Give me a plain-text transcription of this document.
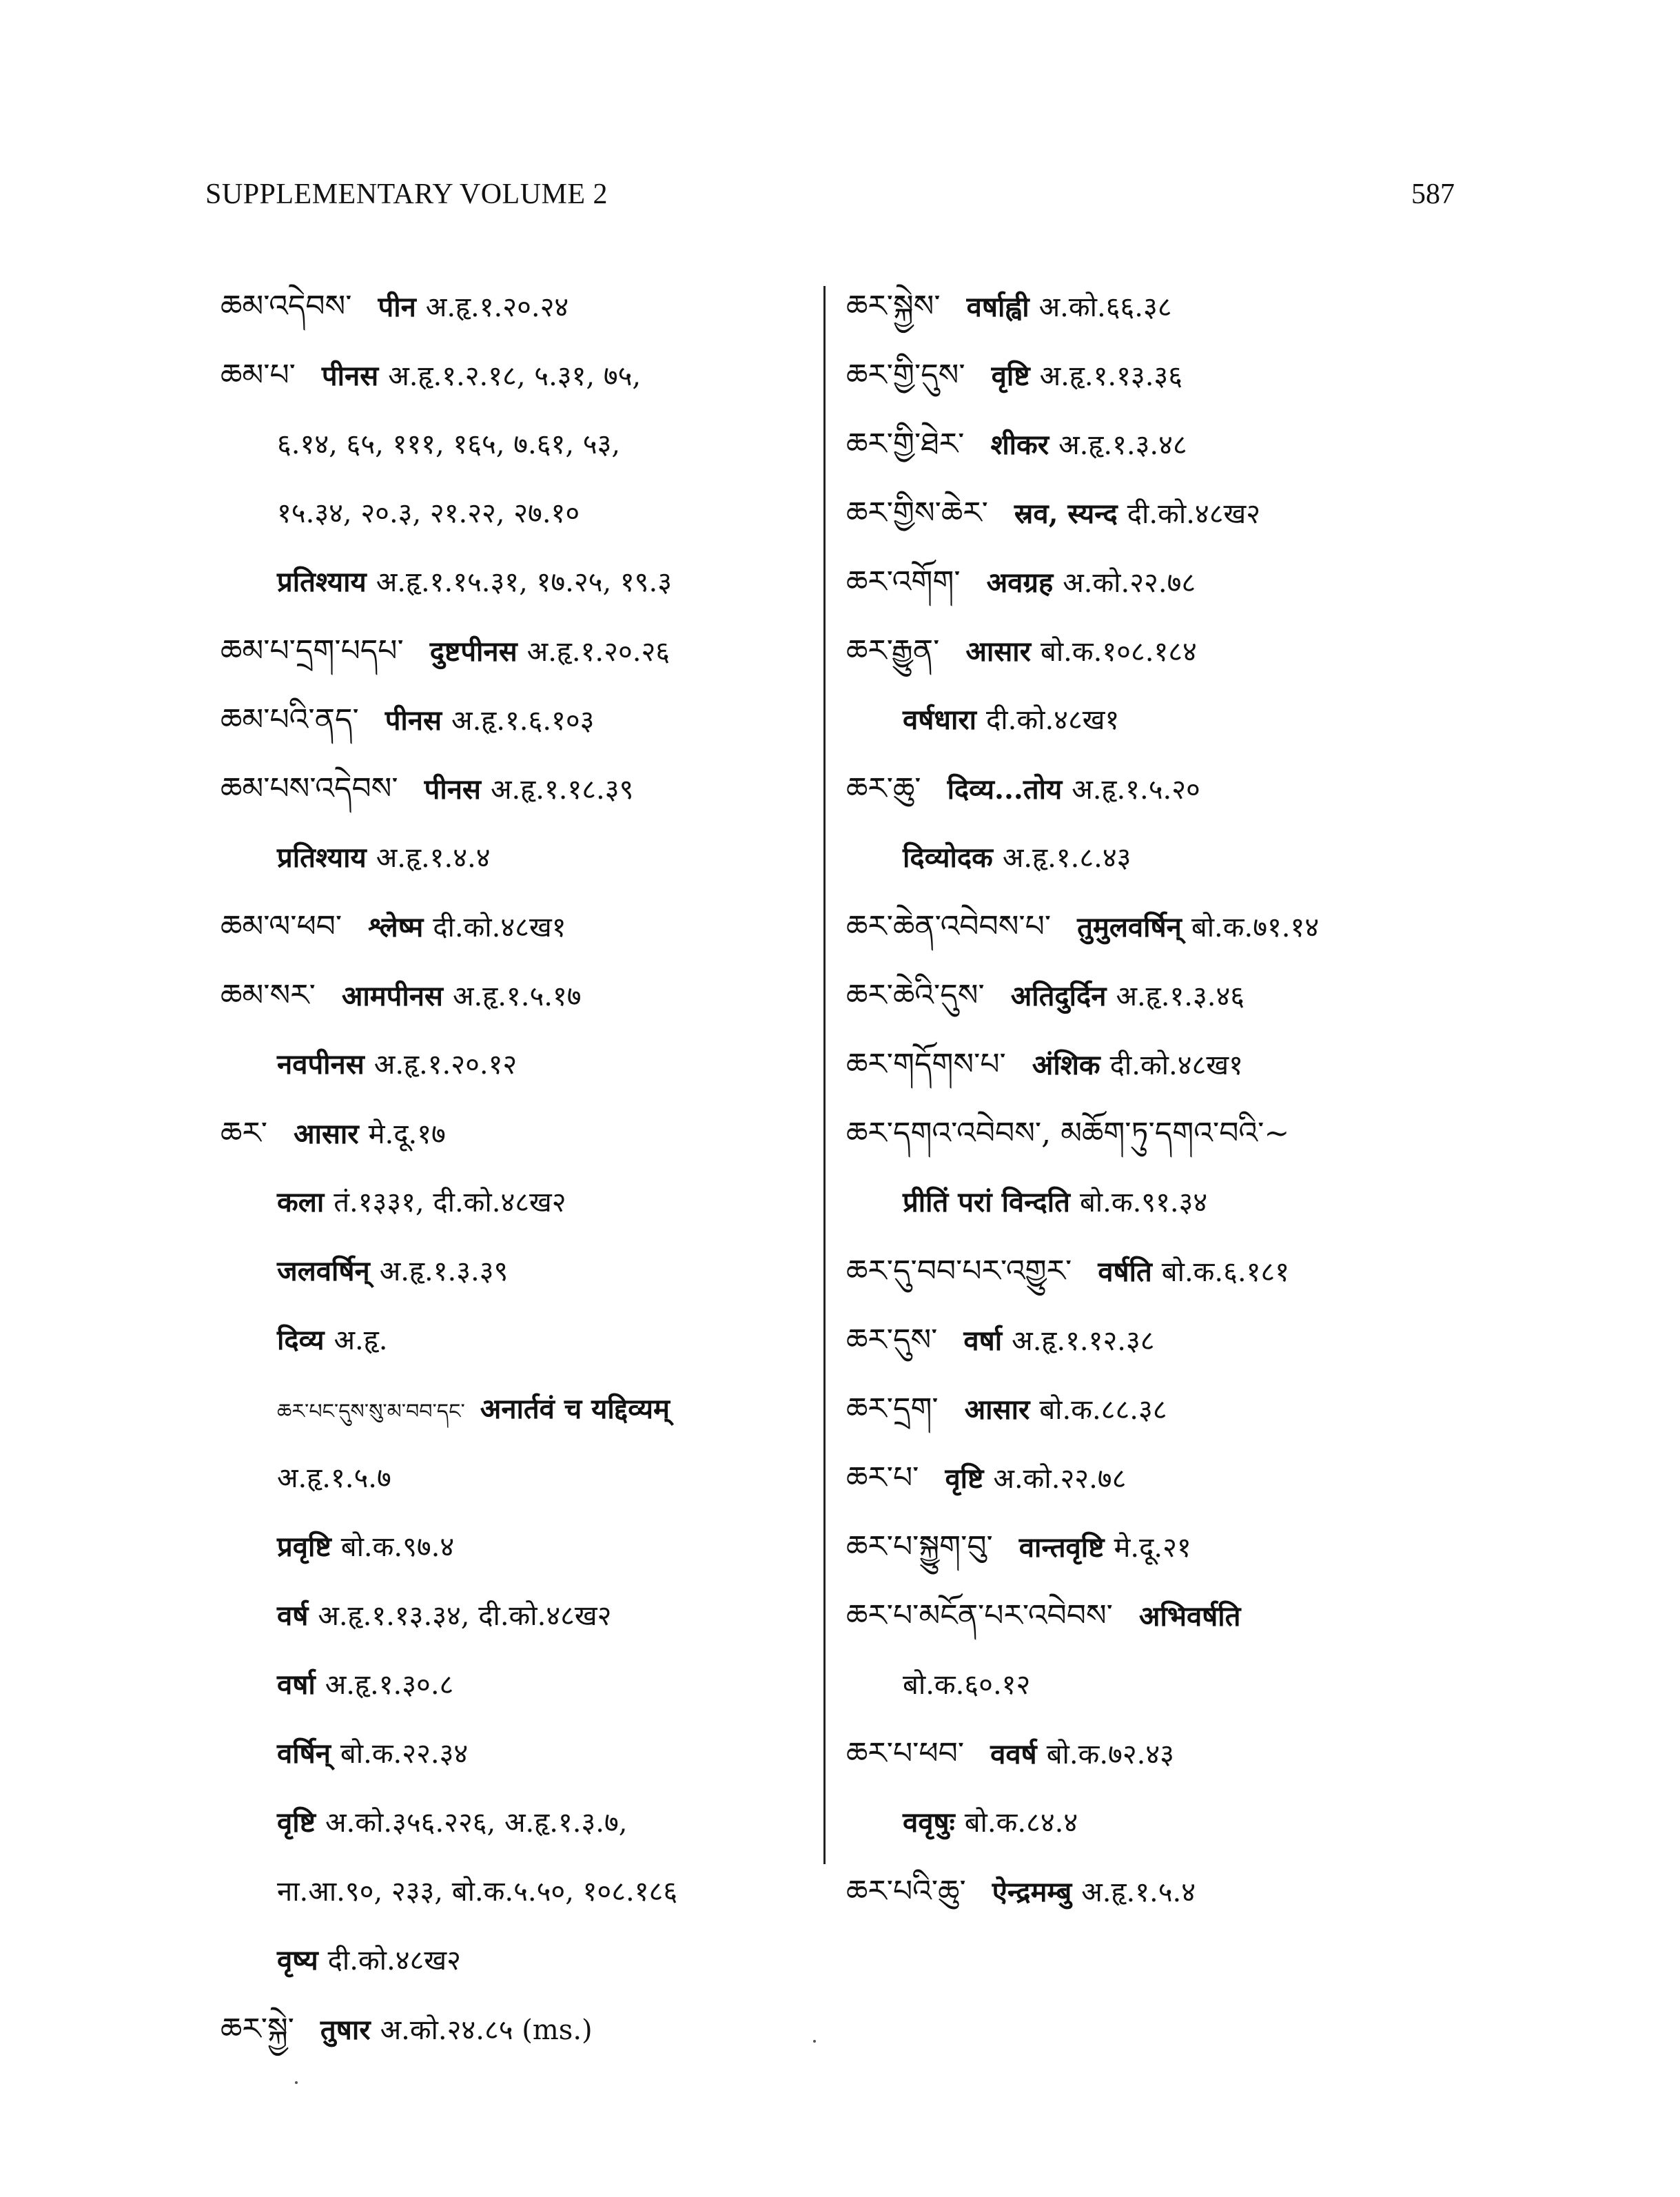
SUPPLEMENTARY VOLUME 2	587
ཆམ་འདེབས་ पीन अ.हृ.१.२०.२४
ཆམ་པ་ पीनस अ.हृ.१.२.१८, ५.३१, ७५,
६.१४, ६५, १११, १६५, ७.६१, ५३,
१५.३४, २०.३, २१.२२, २७.१०
प्रतिश्याय अ.हृ.१.१५.३१, १७.२५, १९.३
ཆམ་པ་དྲག་པདཔ་ दुष्टपीनस अ.हृ.१.२०.२६
ཆམ་པའི་ནད་ पीनस अ.हृ.१.६.१०३
ཆམ་པས་འདེབས་ पीनस अ.हृ.१.१८.३९
प्रतिश्याय अ.हृ.१.४.४
ཆམ་ལ་ཕབ་ श्लेष्म दी.को.४८ख१
ཆམ་སར་ आमपीनस अ.हृ.१.५.१७
नवपीनस अ.हृ.१.२०.१२
ཆར་ आसार मे.दू.१७
कला तं.१३३१, दी.को.४८ख२
जलवर्षिन् अ.हृ.१.३.३९
दिव्य अ.हृ.
ཆར་པང་དུས་སུ་མ་བབ་དང་ अनार्तवं च यद्दिव्यम्
अ.हृ.१.५.७
प्रवृष्टि बो.क.९७.४
वर्ष अ.हृ.१.१३.३४, दी.को.४८ख२
वर्षा अ.हृ.१.३०.८
वर्षिन् बो.क.२२.३४
वृष्टि अ.को.३५६.२२६, अ.हृ.१.३.७,
ना.आ.९०, २३३, बो.क.५.५०, १०८.१८६
वृष्य दी.को.४८ख२
ཆར་སྐྱེ་ तुषार अ.को.२४.८५ (ms.)
ཆར་སྐྱེས་ वर्षाह्वी अ.को.६६.३८
ཆར་གྱི་དུས་ वृष्टि अ.हृ.१.१३.३६
ཆར་གྱི་ཐེར་ शीकर अ.हृ.१.३.४८
ཆར་གྱིས་ཆེར་ स्रव, स्यन्द दी.को.४८ख२
ཆར་འགོག་ अवग्रह अ.को.२२.७८
ཆར་རྒྱུན་ आसार बो.क.१०८.१८४
वर्षधारा दी.को.४८ख१
ཆར་ཆུ་ दिव्य...तोय अ.हृ.१.५.२०
दिव्योदक अ.हृ.१.८.४३
ཆར་ཆེན་འབེབས་པ་ तुमुलवर्षिन् बो.क.७१.१४
ཆར་ཆེའི་དུས་ अतिदुर्दिन अ.हृ.१.३.४६
ཆར་གདོགས་པ་ अंशिक दी.को.४८ख१
ཆར་དགའ་འབེབས་, མཆོག་ཏུ་དགའ་བའི་~
प्रीतिं परां विन्दति बो.क.९१.३४
ཆར་དུ་བབ་པར་འགྱུར་ वर्षति बो.क.६.१८१
ཆར་དུས་ वर्षा अ.हृ.१.१२.३८
ཆར་དྲག་ आसार बो.क.८८.३८
ཆར་པ་ वृष्टि अ.को.२२.७८
ཆར་པ་སྐྱུག་བུ་ वान्तवृष्टि मे.दू.२१
ཆར་པ་མངོན་པར་འབེབས་ अभिवर्षति
बो.क.६०.१२
ཆར་པ་ཕབ་ ववर्ष बो.क.७२.४३
ववृषुः बो.क.८४.४
ཆར་པའི་ཆུ་ ऐन्द्रमम्बु अ.हृ.१.५.४
